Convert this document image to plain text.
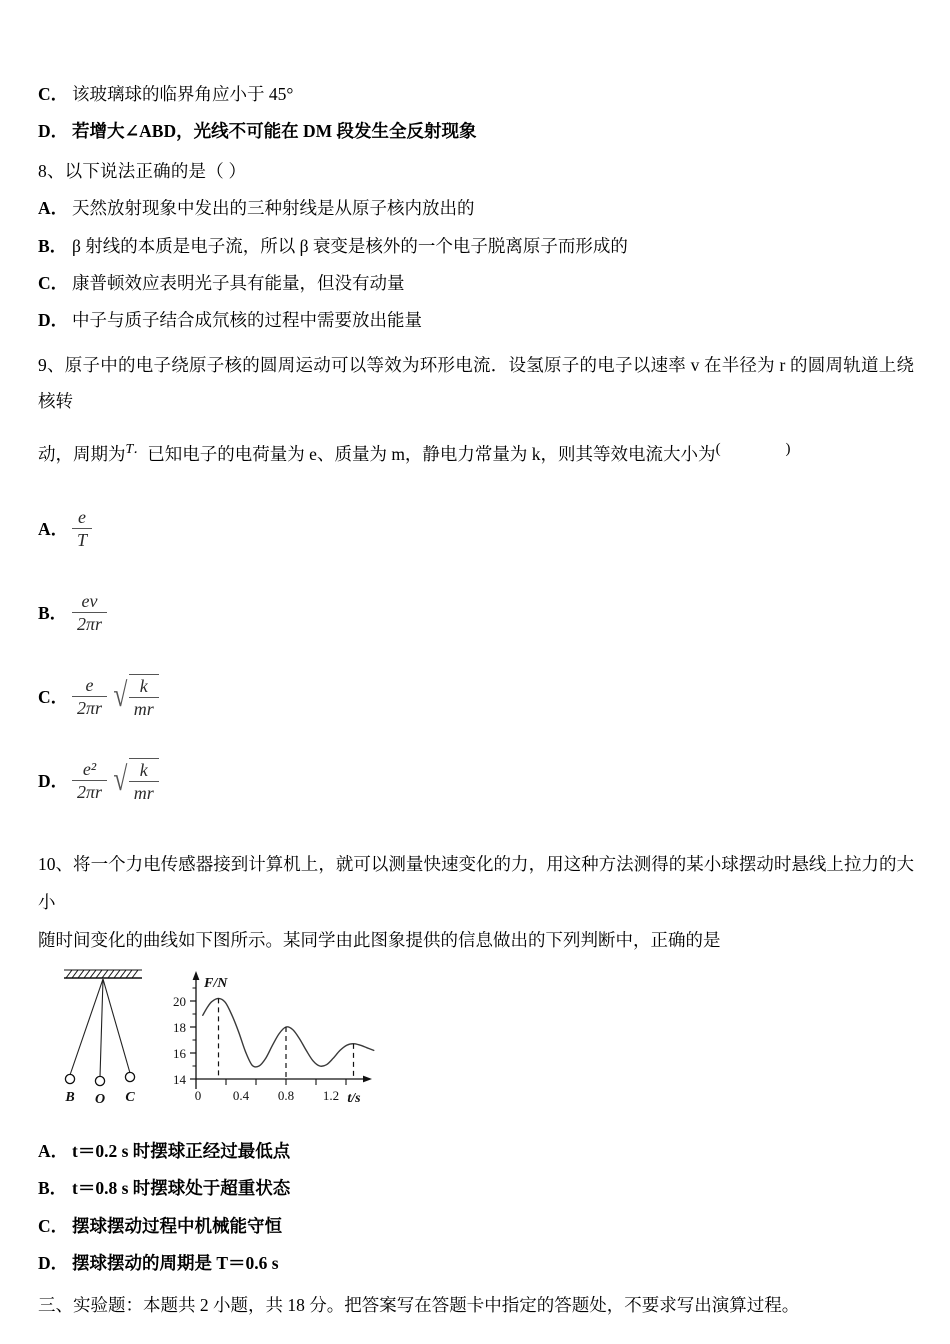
C． 该玻璃球的临界角应小于 45°
D． 若增大∠ABD，光线不可能在 DM 段发生全反射现象
8、以下说法正确的是（ ）
A． 天然放射现象中发出的三种射线是从原子核内放出的
B． β 射线的本质是电子流，所以 β 衰变是核外的一个电子脱离原子而形成的
C． 康普顿效应表明光子具有能量，但没有动量
D． 中子与质子结合成氘核的过程中需要放出能量
9、原子中的电子绕原子核的圆周运动可以等效为环形电流．设氢原子的电子以速率 v 在半径为 r 的圆周轨道上绕核转
动，周期为T．已知电子的电荷量为 e、质量为 m，静电力常量为 k，则其等效电流大小为(    )
A． $\frac{e}{T}$
B． $\frac{ev}{2\pi r}$
C． $\frac{e}{2\pi r}$ √ $\frac{k}{mr}$
D． $\frac{\text{e²}}{2\pi r}$ √ $\frac{k}{mr}$
10、将一个力电传感器接到计算机上，就可以测量快速变化的力，用这种方法测得的某小球摆动时悬线上拉力的大小
随时间变化的曲线如下图所示。某同学由此图象提供的信息做出的下列判断中，正确的是
B O C
14
16
18
20
0 0.4 0.8 1.2
F/N
t/s
A． t＝0.2 s 时摆球正经过最低点
B． t＝0.8 s 时摆球处于超重状态
C． 摆球摆动过程中机械能守恒
D． 摆球摆动的周期是 T＝0.6 s
三、实验题：本题共 2 小题，共 18 分。把答案写在答题卡中指定的答题处，不要求写出演算过程。
